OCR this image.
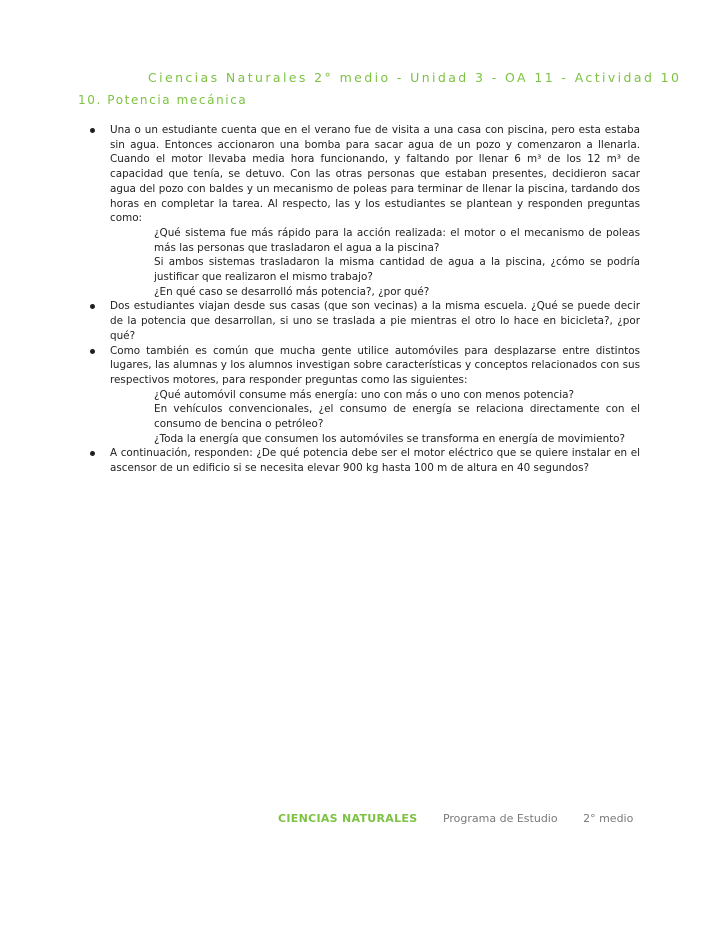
Ciencias Naturales 2° medio - Unidad 3 - OA 11 - Actividad 10
10. Potencia mecánica

Una o un estudiante cuenta que en el verano fue de visita a una casa con piscina, pero esta estaba sin agua. Entonces accionaron una bomba para sacar agua de un pozo y comenzaron a llenarla. Cuando el motor llevaba media hora funcionando, y faltando por llenar 6 m³ de los 12 m³ de capacidad que tenía, se detuvo. Con las otras personas que estaban presentes, decidieron sacar agua del pozo con baldes y un mecanismo de poleas para terminar de llenar la piscina, tardando dos horas en completar la tarea. Al respecto, las y los estudiantes se plantean y responden preguntas como:

¿Qué sistema fue más rápido para la acción realizada: el motor o el mecanismo de poleas más las personas que trasladaron el agua a la piscina?

Si ambos sistemas trasladaron la misma cantidad de agua a la piscina, ¿cómo se podría justificar que realizaron el mismo trabajo?

¿En qué caso se desarrolló más potencia?, ¿por qué?

Dos estudiantes viajan desde sus casas (que son vecinas) a la misma escuela. ¿Qué se puede decir de la potencia que desarrollan, si uno se traslada a pie mientras el otro lo hace en bicicleta?, ¿por qué?

Como también es común que mucha gente utilice automóviles para desplazarse entre distintos lugares, las alumnas y los alumnos investigan sobre características y conceptos relacionados con sus respectivos motores, para responder preguntas como las siguientes:

¿Qué automóvil consume más energía: uno con más o uno con menos potencia?

En vehículos convencionales, ¿el consumo de energía se relaciona directamente con el consumo de bencina o petróleo?

¿Toda la energía que consumen los automóviles se transforma en energía de movimiento?

A continuación, responden: ¿De qué potencia debe ser el motor eléctrico que se quiere instalar en el ascensor de un edificio si se necesita elevar 900 kg hasta 100 m de altura en 40 segundos?

CIENCIAS NATURALES Programa de Estudio 2° medio
